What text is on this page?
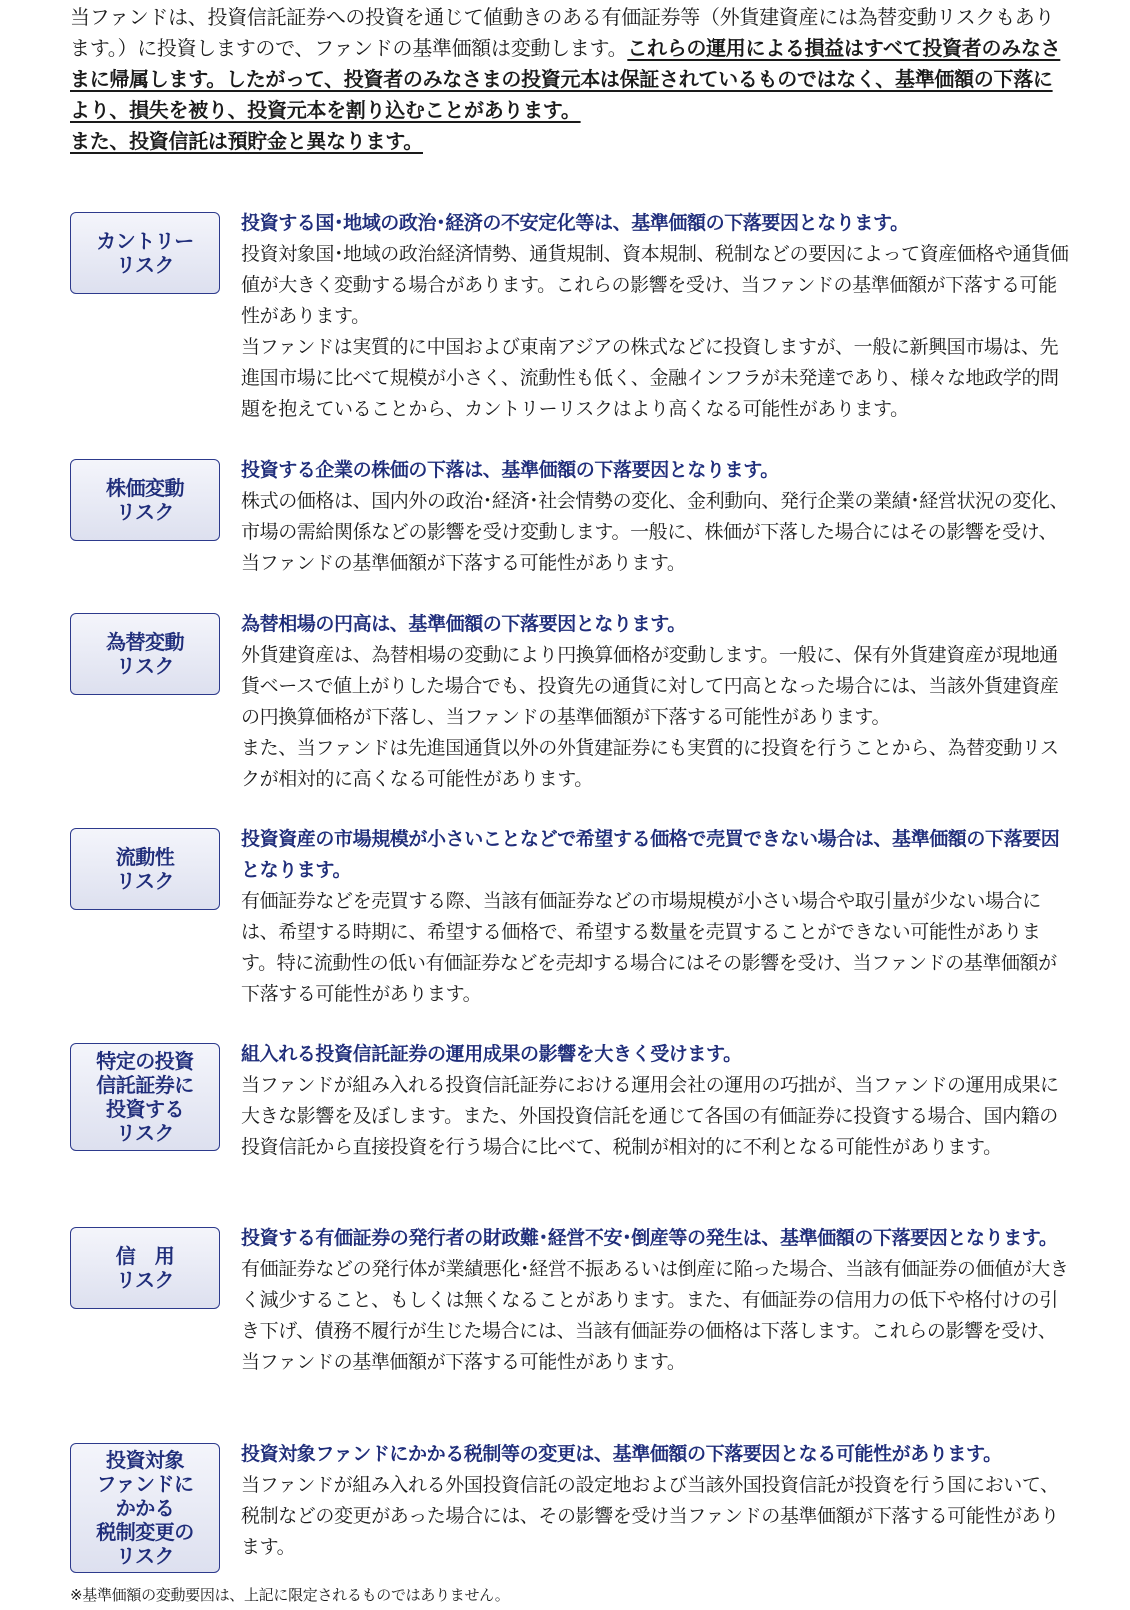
当ファンドは、投資信託証券への投資を通じて値動きのある有価証券等（外貨建資産には為替変動リスクもあります。）に投資しますので、ファンドの基準価額は変動します。これらの運用による損益はすべて投資者のみなさまに帰属します。したがって、投資者のみなさまの投資元本は保証されているものではなく、基準価額の下落により、損失を被り、投資元本を割り込むことがあります。

また、投資信託は預貯金と異なります。

カントリー
リスク

投資する国･地域の政治･経済の不安定化等は、基準価額の下落要因となります。

投資対象国･地域の政治経済情勢、通貨規制、資本規制、税制などの要因によって資産価格や通貨価値が大きく変動する場合があります。これらの影響を受け、当ファンドの基準価額が下落する可能性があります。

当ファンドは実質的に中国および東南アジアの株式などに投資しますが、一般に新興国市場は、先進国市場に比べて規模が小さく、流動性も低く、金融インフラが未発達であり、様々な地政学的問題を抱えていることから、カントリーリスクはより高くなる可能性があります。

株価変動
リスク

投資する企業の株価の下落は、基準価額の下落要因となります。

株式の価格は、国内外の政治･経済･社会情勢の変化、金利動向、発行企業の業績･経営状況の変化、市場の需給関係などの影響を受け変動します。一般に、株価が下落した場合にはその影響を受け、当ファンドの基準価額が下落する可能性があります。

為替変動
リスク

為替相場の円高は、基準価額の下落要因となります。

外貨建資産は、為替相場の変動により円換算価格が変動します。一般に、保有外貨建資産が現地通貨ベースで値上がりした場合でも、投資先の通貨に対して円高となった場合には、当該外貨建資産の円換算価格が下落し、当ファンドの基準価額が下落する可能性があります。

また、当ファンドは先進国通貨以外の外貨建証券にも実質的に投資を行うことから、為替変動リスクが相対的に高くなる可能性があります。

流動性
リスク

投資資産の市場規模が小さいことなどで希望する価格で売買できない場合は、基準価額の下落要因となります。

有価証券などを売買する際、当該有価証券などの市場規模が小さい場合や取引量が少ない場合には、希望する時期に、希望する価格で、希望する数量を売買することができない可能性があります。特に流動性の低い有価証券などを売却する場合にはその影響を受け、当ファンドの基準価額が下落する可能性があります。

特定の投資
信託証券に
投資する
リスク

組入れる投資信託証券の運用成果の影響を大きく受けます。

当ファンドが組み入れる投資信託証券における運用会社の運用の巧拙が、当ファンドの運用成果に大きな影響を及ぼします。また、外国投資信託を通じて各国の有価証券に投資する場合、国内籍の投資信託から直接投資を行う場合に比べて、税制が相対的に不利となる可能性があります。

信　用
リスク

投資する有価証券の発行者の財政難･経営不安･倒産等の発生は、基準価額の下落要因となります。

有価証券などの発行体が業績悪化･経営不振あるいは倒産に陥った場合、当該有価証券の価値が大きく減少すること、もしくは無くなることがあります。また、有価証券の信用力の低下や格付けの引き下げ、債務不履行が生じた場合には、当該有価証券の価格は下落します。これらの影響を受け、当ファンドの基準価額が下落する可能性があります。

投資対象
ファンドに
かかる
税制変更の
リスク

投資対象ファンドにかかる税制等の変更は、基準価額の下落要因となる可能性があります。

当ファンドが組み入れる外国投資信託の設定地および当該外国投資信託が投資を行う国において、税制などの変更があった場合には、その影響を受け当ファンドの基準価額が下落する可能性があります。

※基準価額の変動要因は、上記に限定されるものではありません。
